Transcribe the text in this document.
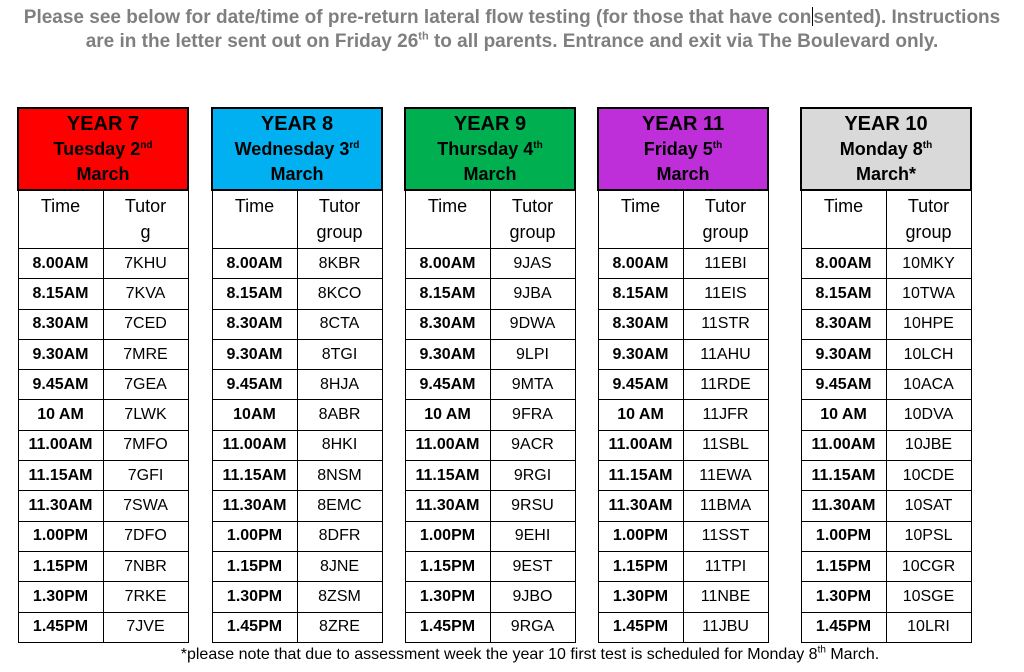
Please see below for date/time of pre-return lateral flow testing (for those that have con sented). Instructions are in the letter sent out on Friday 26th to all parents. Entrance and exit via The Boulevard only.
YEAR 7
Tuesday 2nd
March	

Time	Tutor
g

8.00AM	7KHU
8.15AM	7KVA
8.30AM	7CED
9.30AM	7MRE
9.45AM	7GEA
10 AM	7LWK
11.00AM	7MFO
11.15AM	7GFI
11.30AM	7SWA
1.00PM	7DFO
1.15PM	7NBR
1.30PM	7RKE
1.45PM	7JVE
YEAR 8
Wednesday 3rd
March	

Time	Tutor
group

8.00AM	8KBR
8.15AM	8KCO
8.30AM	8CTA
9.30AM	8TGI
9.45AM	8HJA
10AM	8ABR
11.00AM	8HKI
11.15AM	8NSM
11.30AM	8EMC
1.00PM	8DFR
1.15PM	8JNE
1.30PM	8ZSM
1.45PM	8ZRE
YEAR 9
Thursday 4th
March	

Time	Tutor
group

8.00AM	9JAS
8.15AM	9JBA
8.30AM	9DWA
9.30AM	9LPI
9.45AM	9MTA
10 AM	9FRA
11.00AM	9ACR
11.15AM	9RGI
11.30AM	9RSU
1.00PM	9EHI
1.15PM	9EST
1.30PM	9JBO
1.45PM	9RGA
YEAR 11
Friday 5th
March	

Time	Tutor
group

8.00AM	11EBI
8.15AM	11EIS
8.30AM	11STR
9.30AM	11AHU
9.45AM	11RDE
10 AM	11JFR
11.00AM	11SBL
11.15AM	11EWA
11.30AM	11BMA
1.00PM	11SST
1.15PM	11TPI
1.30PM	11NBE
1.45PM	11JBU
YEAR 10
Monday 8th
March*	

Time	Tutor
group

8.00AM	10MKY
8.15AM	10TWA
8.30AM	10HPE
9.30AM	10LCH
9.45AM	10ACA
10 AM	10DVA
11.00AM	10JBE
11.15AM	10CDE
11.30AM	10SAT
1.00PM	10PSL
1.15PM	10CGR
1.30PM	10SGE
1.45PM	10LRI
*please note that due to assessment week the year 10 first test is scheduled for Monday 8th March.
